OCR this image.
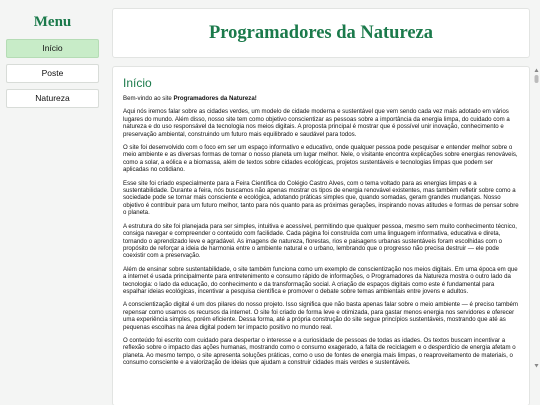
Menu
Início
Poste
Natureza
Programadores da Natureza
Início

Bem-vindo ao site Programadores da Natureza!

Aqui nós iremos falar sobre as cidades verdes, um modelo de cidade moderna e sustentável que vem sendo cada vez mais adotado em vários lugares do mundo. Além disso, nosso site tem como objetivo conscientizar as pessoas sobre a importância da energia limpa, do cuidado com a natureza e do uso responsável da tecnologia nos meios digitais. A proposta principal é mostrar que é possível unir inovação, conhecimento e preservação ambiental, construindo um futuro mais equilibrado e saudável para todos.

O site foi desenvolvido com o foco em ser um espaço informativo e educativo, onde qualquer pessoa pode pesquisar e entender melhor sobre o meio ambiente e as diversas formas de tornar o nosso planeta um lugar melhor. Nele, o visitante encontra explicações sobre energias renováveis, como a solar, a eólica e a biomassa, além de textos sobre cidades ecológicas, projetos sustentáveis e tecnologias limpas que podem ser aplicadas no cotidiano.

Esse site foi criado especialmente para a Feira Científica do Colégio Castro Alves, com o tema voltado para as energias limpas e a sustentabilidade. Durante a feira, nós buscamos não apenas mostrar os tipos de energia renovável existentes, mas também refletir sobre como a sociedade pode se tornar mais consciente e ecológica, adotando práticas simples que, quando somadas, geram grandes mudanças. Nosso objetivo é contribuir para um futuro melhor, tanto para nós quanto para as próximas gerações, inspirando novas atitudes e formas de pensar sobre o planeta.

A estrutura do site foi planejada para ser simples, intuitiva e acessível, permitindo que qualquer pessoa, mesmo sem muito conhecimento técnico, consiga navegar e compreender o conteúdo com facilidade. Cada página foi construída com uma linguagem informativa, educativa e direta, tornando o aprendizado leve e agradável. As imagens de natureza, florestas, rios e paisagens urbanas sustentáveis foram escolhidas com o propósito de reforçar a ideia de harmonia entre o ambiente natural e o urbano, lembrando que o progresso não precisa destruir — ele pode coexistir com a preservação.

Além de ensinar sobre sustentabilidade, o site também funciona como um exemplo de conscientização nos meios digitais. Em uma época em que a internet é usada principalmente para entretenimento e consumo rápido de informações, o Programadores da Natureza mostra o outro lado da tecnologia: o lado da educação, do conhecimento e da transformação social. A criação de espaços digitais como este é fundamental para espalhar ideias ecológicas, incentivar a pesquisa científica e promover o debate sobre temas ambientais entre jovens e adultos.

A conscientização digital é um dos pilares do nosso projeto. Isso significa que não basta apenas falar sobre o meio ambiente — é preciso também repensar como usamos os recursos da internet. O site foi criado de forma leve e otimizada, para gastar menos energia nos servidores e oferecer uma experiência simples, porém eficiente. Dessa forma, até a própria construção do site segue princípios sustentáveis, mostrando que até as pequenas escolhas na área digital podem ter impacto positivo no mundo real.

O conteúdo foi escrito com cuidado para despertar o interesse e a curiosidade de pessoas de todas as idades. Os textos buscam incentivar a reflexão sobre o impacto das ações humanas, mostrando como o consumo exagerado, a falta de reciclagem e o desperdício de energia afetam o planeta. Ao mesmo tempo, o site apresenta soluções práticas, como o uso de fontes de energia mais limpas, o reaproveitamento de materiais, o consumo consciente e a valorização de ideias que ajudam a construir cidades mais verdes e sustentáveis.
